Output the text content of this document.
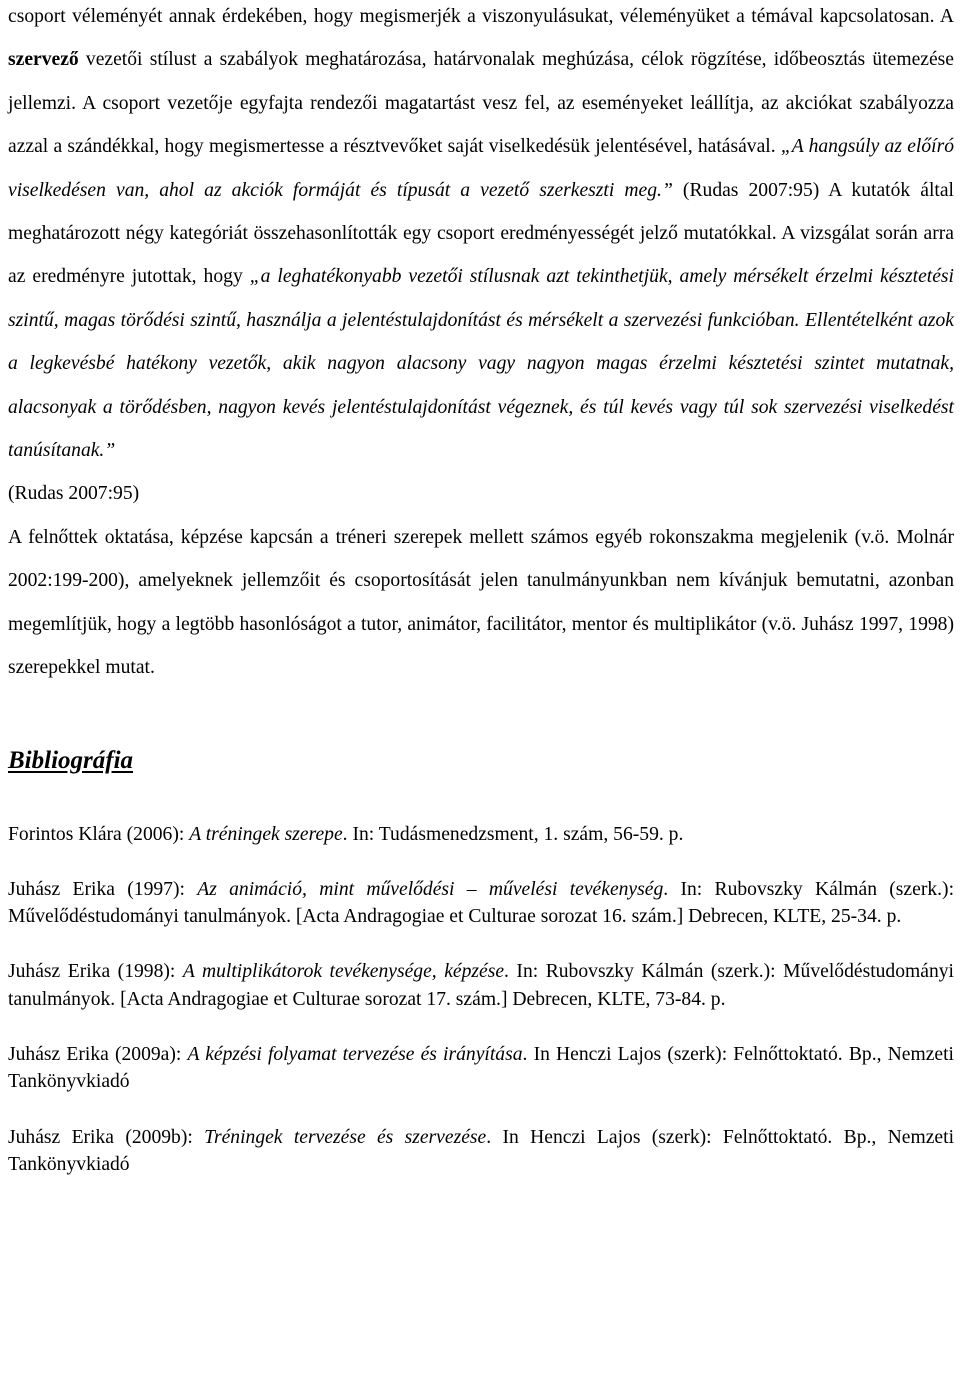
csoport véleményét annak érdekében, hogy megismerjék a viszonyulásukat, véleményüket a témával kapcsolatosan. A szervező vezetői stílust a szabályok meghatározása, határvonalak meghúzása, célok rögzítése, időbeosztás ütemezése jellemzi. A csoport vezetője egyfajta rendezői magatartást vesz fel, az eseményeket leállítja, az akciókat szabályozza azzal a szándékkal, hogy megismertesse a résztvevőket saját viselkedésük jelentésével, hatásával. „A hangsúly az előíró viselkedésen van, ahol az akciók formáját és típusát a vezető szerkeszti meg.” (Rudas 2007:95) A kutatók által meghatározott négy kategóriát összehasonlították egy csoport eredményességét jelző mutatókkal. A vizsgálat során arra az eredményre jutottak, hogy „a leghatékonyabb vezetői stílusnak azt tekinthetjük, amely mérsékelt érzelmi késztetési szintű, magas törődési szintű, használja a jelentéstulajdonítást és mérsékelt a szervezési funkcióban. Ellentételként azok a legkevésbé hatékony vezetők, akik nagyon alacsony vagy nagyon magas érzelmi késztetési szintet mutatnak, alacsonyak a törődésben, nagyon kevés jelentéstulajdonítást végeznek, és túl kevés vagy túl sok szervezési viselkedést tanúsítanak.”

(Rudas 2007:95)

A felnőttek oktatása, képzése kapcsán a tréneri szerepek mellett számos egyéb rokonszakma megjelenik (v.ö. Molnár 2002:199-200), amelyeknek jellemzőit és csoportosítását jelen tanulmányunkban nem kívánjuk bemutatni, azonban megemlítjük, hogy a legtöbb hasonlóságot a tutor, animátor, facilitátor, mentor és multiplikátor (v.ö. Juhász 1997, 1998) szerepekkel mutat.

Bibliográfia

Forintos Klára (2006): A tréningek szerepe. In: Tudásmenedzsment, 1. szám, 56-59. p.

Juhász Erika (1997): Az animáció, mint művelődési – művelési tevékenység. In: Rubovszky Kálmán (szerk.): Művelődéstudományi tanulmányok. [Acta Andragogiae et Culturae sorozat 16. szám.] Debrecen, KLTE, 25-34. p.

Juhász Erika (1998): A multiplikátorok tevékenysége, képzése. In: Rubovszky Kálmán (szerk.): Művelődéstudományi tanulmányok. [Acta Andragogiae et Culturae sorozat 17. szám.] Debrecen, KLTE, 73-84. p.

Juhász Erika (2009a): A képzési folyamat tervezése és irányítása. In Henczi Lajos (szerk): Felnőttoktató. Bp., Nemzeti Tankönyvkiadó

Juhász Erika (2009b): Tréningek tervezése és szervezése. In Henczi Lajos (szerk): Felnőttoktató. Bp., Nemzeti Tankönyvkiadó
